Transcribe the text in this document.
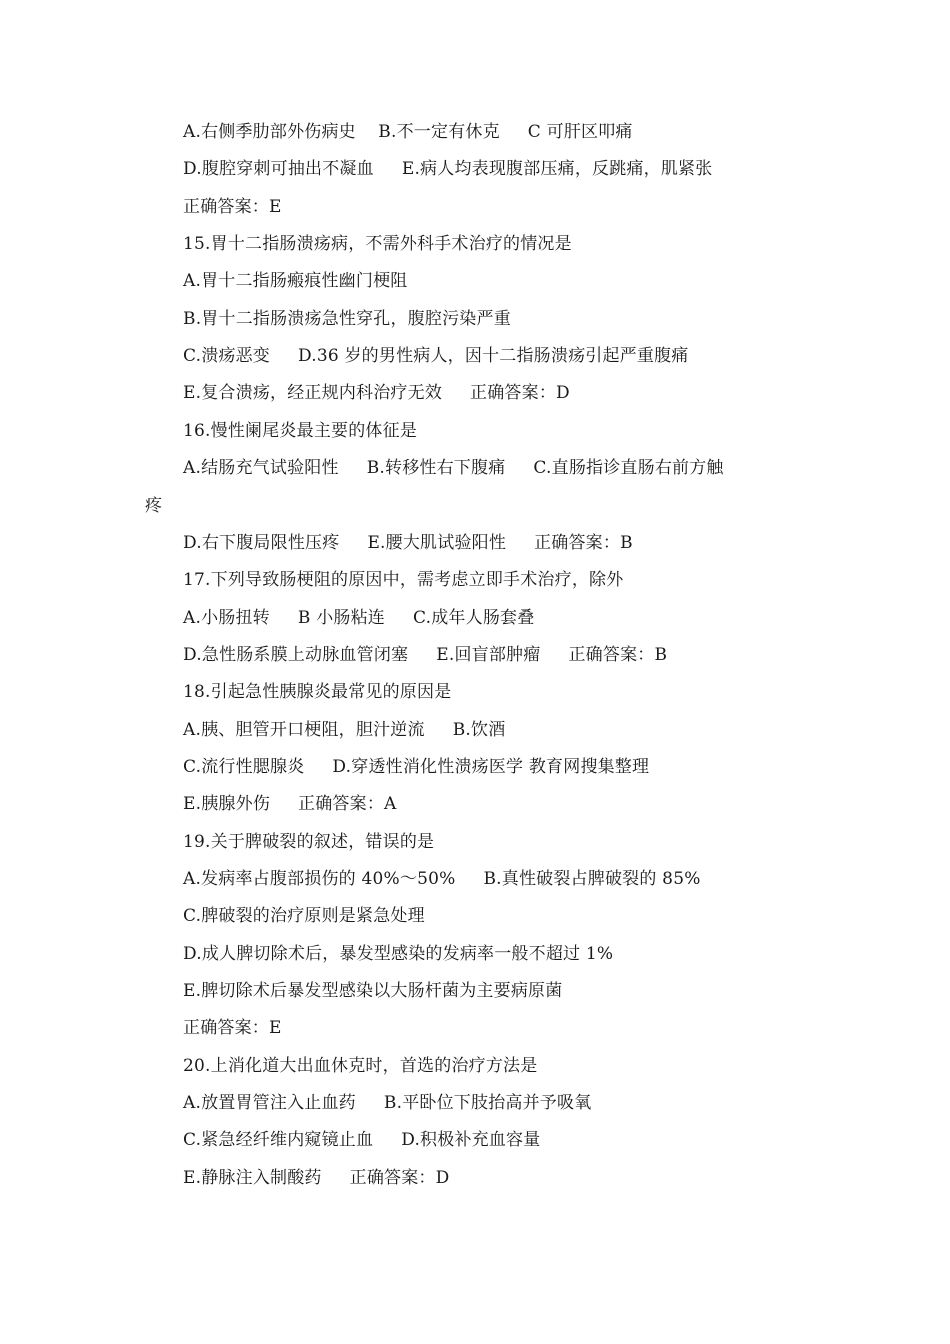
A.右侧季肋部外伤病史    B.不一定有休克     C 可肝区叩痛
D.腹腔穿刺可抽出不凝血     E.病人均表现腹部压痛，反跳痛，肌紧张
正确答案：E
15.胃十二指肠溃疡病，不需外科手术治疗的情况是
A.胃十二指肠瘢痕性幽门梗阻
B.胃十二指肠溃疡急性穿孔，腹腔污染严重
C.溃疡恶变     D.36 岁的男性病人，因十二指肠溃疡引起严重腹痛
E.复合溃疡，经正规内科治疗无效     正确答案：D
16.慢性阑尾炎最主要的体征是
A.结肠充气试验阳性     B.转移性右下腹痛     C.直肠指诊直肠右前方触
疼
D.右下腹局限性压疼     E.腰大肌试验阳性     正确答案：B
17.下列导致肠梗阻的原因中，需考虑立即手术治疗，除外
A.小肠扭转     B 小肠粘连     C.成年人肠套叠
D.急性肠系膜上动脉血管闭塞     E.回盲部肿瘤     正确答案：B
18.引起急性胰腺炎最常见的原因是
A.胰、胆管开口梗阻，胆汁逆流     B.饮酒
C.流行性腮腺炎     D.穿透性消化性溃疡医学 教育网搜集整理
E.胰腺外伤     正确答案：A
19.关于脾破裂的叙述，错误的是
A.发病率占腹部损伤的 40%～50%     B.真性破裂占脾破裂的 85%
C.脾破裂的治疗原则是紧急处理
D.成人脾切除术后，暴发型感染的发病率一般不超过 1%
E.脾切除术后暴发型感染以大肠杆菌为主要病原菌
正确答案：E
20.上消化道大出血休克时，首选的治疗方法是
A.放置胃管注入止血药     B.平卧位下肢抬高并予吸氧
C.紧急经纤维内窥镜止血     D.积极补充血容量
E.静脉注入制酸药     正确答案：D
